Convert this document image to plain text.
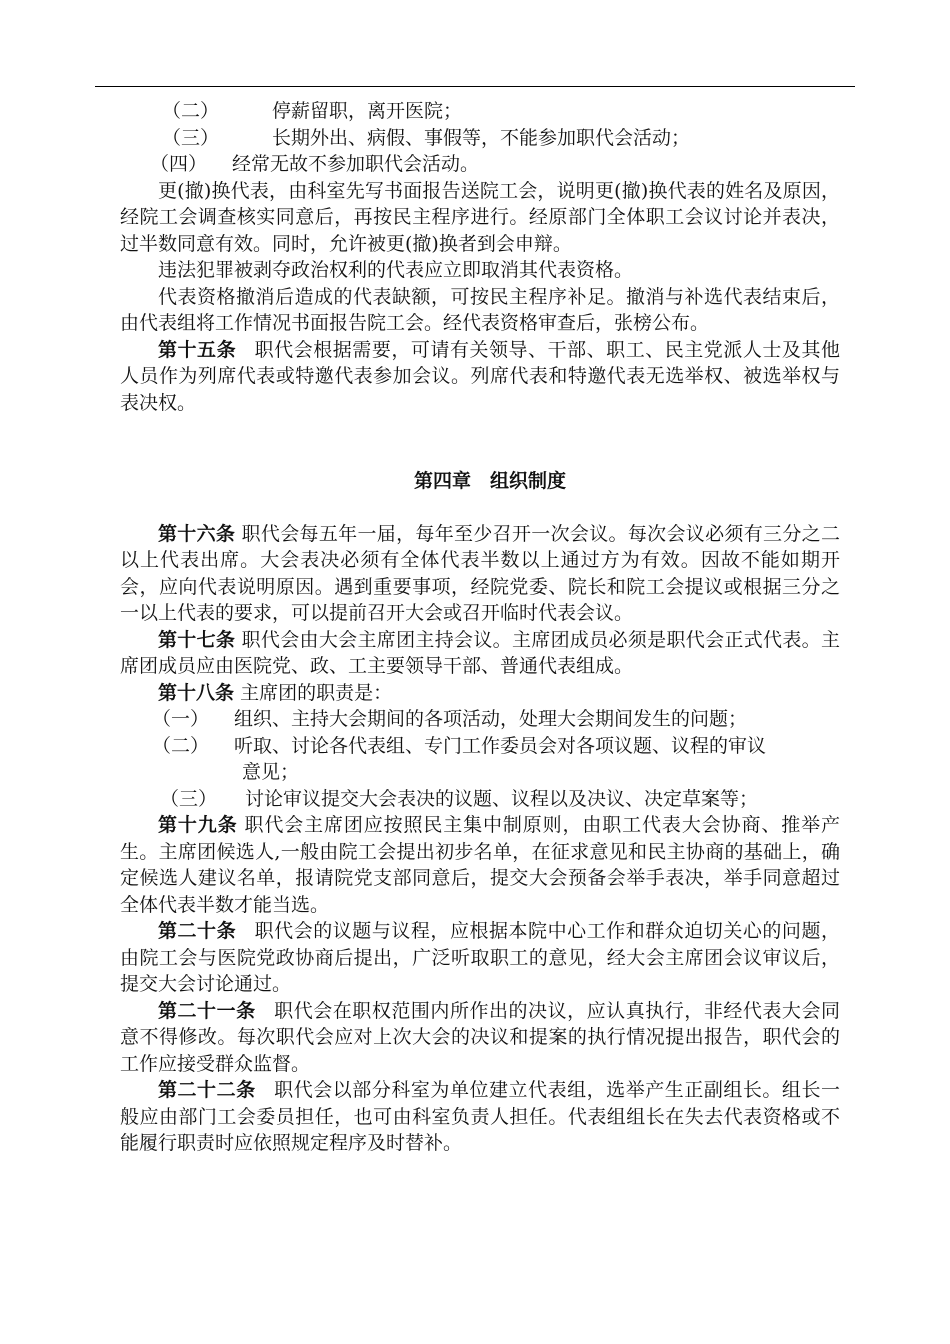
（二）	停薪留职，离开医院；

（三）	长期外出、病假、事假等，不能参加职代会活动；

（四） 经常无故不参加职代会活动。

更(撤)换代表，由科室先写书面报告送院工会，说明更(撤)换代表的姓名及原因，经院工会调查核实同意后，再按民主程序进行。经原部门全体职工会议讨论并表决，过半数同意有效。同时，允许被更(撤)换者到会申辩。

违法犯罪被剥夺政治权利的代表应立即取消其代表资格。

代表资格撤消后造成的代表缺额，可按民主程序补足。撤消与补选代表结束后，由代表组将工作情况书面报告院工会。经代表资格审查后，张榜公布。

第十五条 职代会根据需要，可请有关领导、干部、职工、民主党派人士及其他人员作为列席代表或特邀代表参加会议。列席代表和特邀代表无选举权、被选举权与表决权。

第四章　组织制度

第十六条 职代会每五年一届，每年至少召开一次会议。每次会议必须有三分之二以上代表出席。大会表决必须有全体代表半数以上通过方为有效。因故不能如期开会，应向代表说明原因。遇到重要事项，经院党委、院长和院工会提议或根据三分之一以上代表的要求，可以提前召开大会或召开临时代表会议。

第十七条 职代会由大会主席团主持会议。主席团成员必须是职代会正式代表。主席团成员应由医院党、政、工主要领导干部、普通代表组成。

第十八条 主席团的职责是：

（一） 组织、主持大会期间的各项活动，处理大会期间发生的问题；

（二） 听取、讨论各代表组、专门工作委员会对各项议题、议程的审议
意见；

（三） 讨论审议提交大会表决的议题、议程以及决议、决定草案等；

第十九条 职代会主席团应按照民主集中制原则，由职工代表大会协商、推举产生。主席团候选人,一般由院工会提出初步名单，在征求意见和民主协商的基础上，确定候选人建议名单，报请院党支部同意后，提交大会预备会举手表决，举手同意超过全体代表半数才能当选。

第二十条 职代会的议题与议程，应根据本院中心工作和群众迫切关心的问题，由院工会与医院党政协商后提出，广泛听取职工的意见，经大会主席团会议审议后，提交大会讨论通过。

第二十一条 职代会在职权范围内所作出的决议，应认真执行，非经代表大会同意不得修改。每次职代会应对上次大会的决议和提案的执行情况提出报告，职代会的工作应接受群众监督。

第二十二条 职代会以部分科室为单位建立代表组，选举产生正副组长。组长一般应由部门工会委员担任，也可由科室负责人担任。代表组组长在失去代表资格或不能履行职责时应依照规定程序及时替补。
